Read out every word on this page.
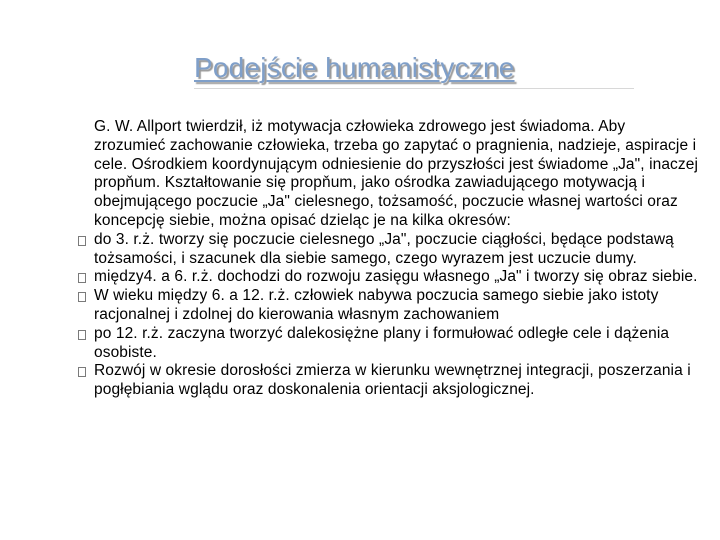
Podejście humanistyczne

G. W. Allport twierdził, iż motywacja człowieka zdrowego jest świadoma. Aby zrozumieć zachowanie człowieka, trzeba go zapytać o pragnienia, nadzieje, aspiracje i cele. Ośrodkiem koordynującym odniesienie do przyszłości jest świadome „Ja", inaczej propňum. Kształtowanie się propňum, jako ośrodka zawiadującego motywacją i obejmującego poczucie „Ja" cielesnego, tożsamość, poczucie własnej wartości oraz koncepcję siebie, można opisać dzieląc je na kilka okresów:

do 3. r.ż. tworzy się poczucie cielesnego „Ja", poczucie ciągłości, będące podstawą tożsamości, i szacunek dla siebie samego, czego wyrazem jest uczucie dumy.

między4. a 6. r.ż. dochodzi do rozwoju zasięgu własnego „Ja" i tworzy się obraz siebie.

W wieku między 6. a 12. r.ż. człowiek nabywa poczucia samego siebie jako istoty racjonalnej i zdolnej do kierowania własnym zachowaniem

po 12. r.ż. zaczyna tworzyć dalekosiężne plany i formułować odległe cele i dążenia osobiste.

Rozwój w okresie dorosłości zmierza w kierunku wewnętrznej integracji, poszerzania i pogłębiania wglądu oraz doskonalenia orientacji aksjologicznej.
